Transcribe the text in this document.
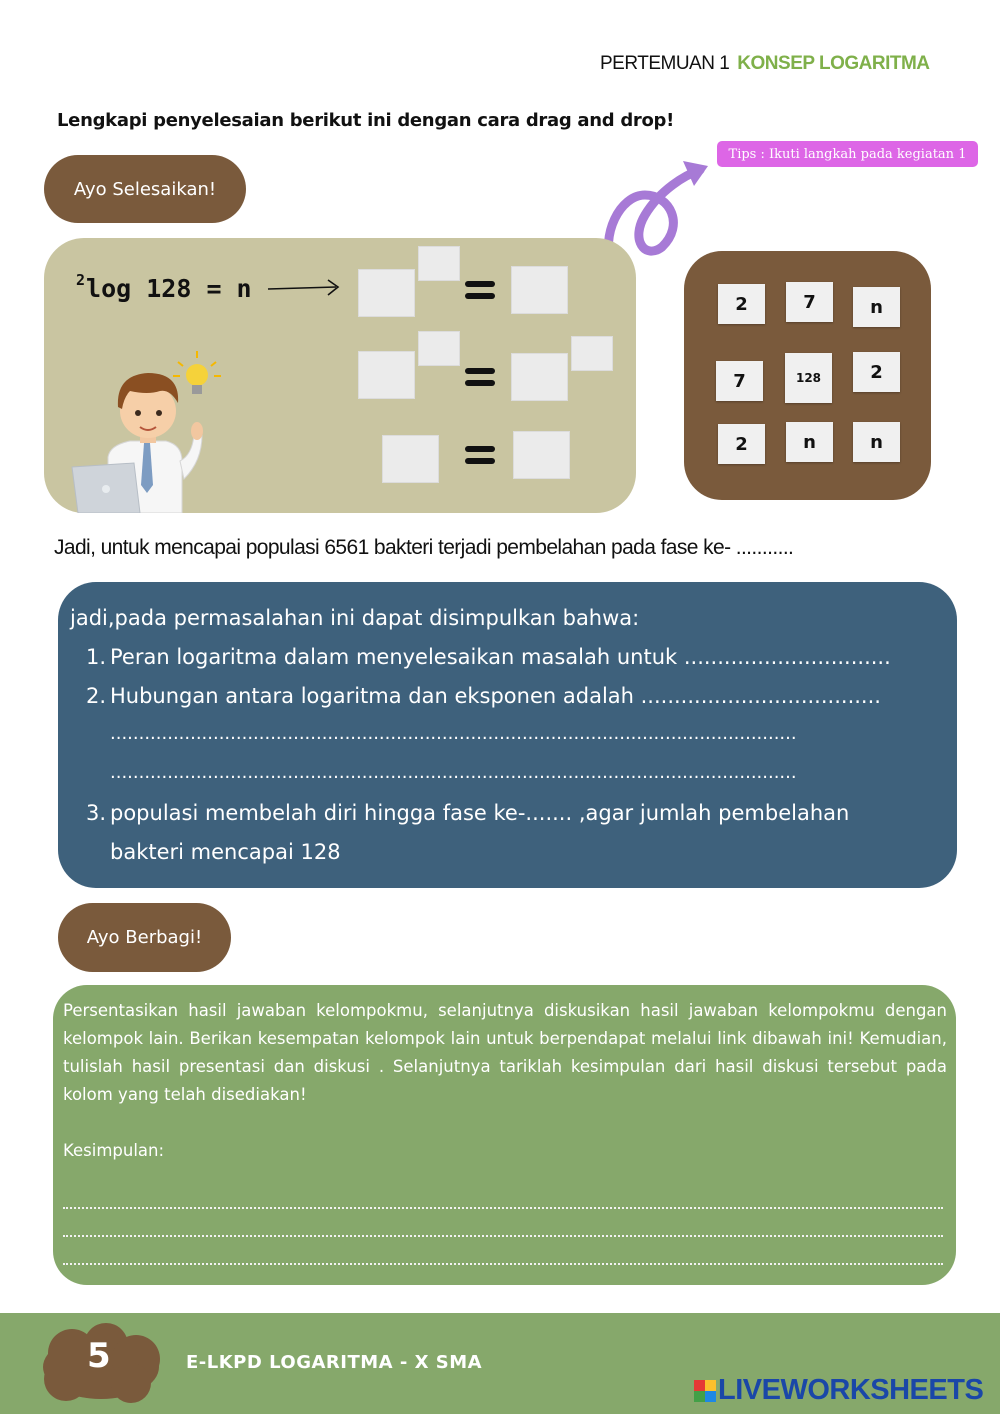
PERTEMUAN 1 KONSEP LOGARITMA
Lengkapi penyelesaian berikut ini dengan cara drag and drop!
Ayo Selesaikan!
Tips : Ikuti langkah pada kegiatan 1
$^2$log 128 = n
2	7	n
7	128	2
2	n	n
Jadi, untuk mencapai populasi 6561 bakteri terjadi pembelahan pada fase ke- ...........
jadi,pada permasalahan ini dapat disimpulkan bahwa:
1. Peran logaritma dalam menyelesaikan masalah untuk ...............................
2. Hubungan antara logaritma dan eksponen adalah ....................................
........................................................................................................................
........................................................................................................................
3. populasi membelah diri hingga fase ke-....... ,agar jumlah pembelahan
bakteri mencapai 128
Ayo Berbagi!
Persentasikan hasil jawaban kelompokmu, selanjutnya diskusikan hasil jawaban kelompokmu dengan kelompok lain. Berikan kesempatan kelompok lain untuk berpendapat melalui link dibawah ini! Kemudian, tulislah hasil presentasi dan diskusi . Selanjutnya tariklah kesimpulan dari hasil diskusi tersebut pada kolom yang telah disediakan!
Kesimpulan:
5	E-LKPD LOGARITMA - X SMA
LIVEWORKSHEETS
